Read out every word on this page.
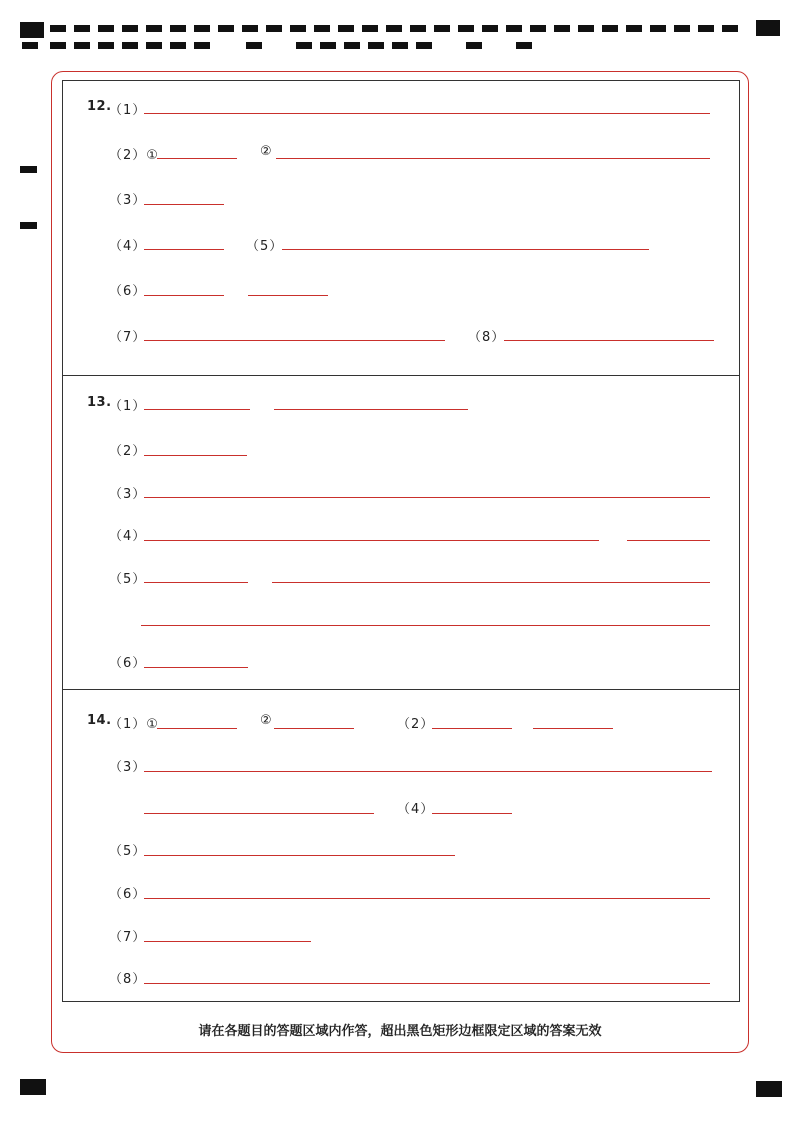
12.
（1）
（2）①	②
（3）
（4）	（5）
（6）
（7）	（8）
13.
（1）
（2）
（3）
（4）
（5）
（6）
14.
（1）①	②	（2）
（3）
（4）
（5）
（6）
（7）
（8）
请在各题目的答题区域内作答，超出黑色矩形边框限定区域的答案无效
